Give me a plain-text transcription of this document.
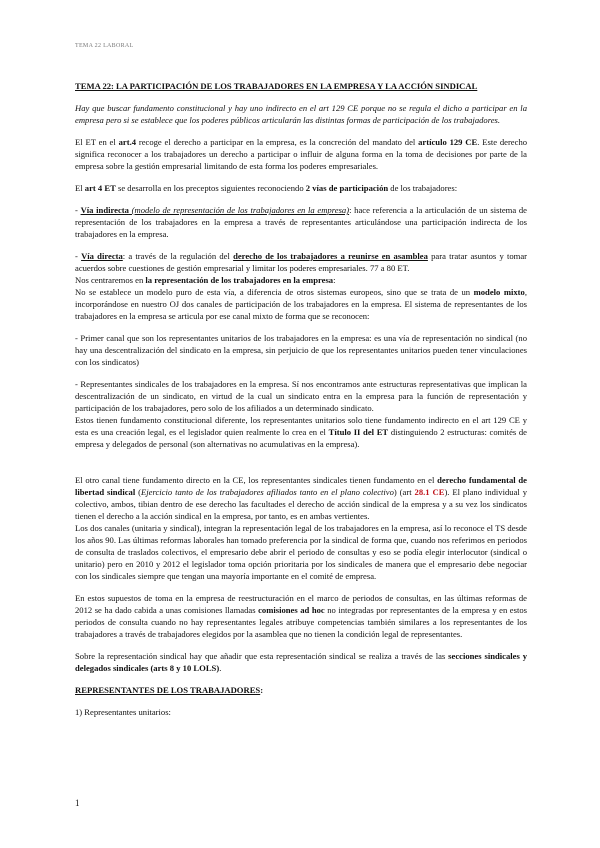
TEMA 22 LABORAL

TEMA 22: LA PARTICIPACIÓN DE LOS TRABAJADORES EN LA EMPRESA Y LA ACCIÓN SINDICAL

Hay que buscar fundamento constitucional y hay uno indirecto en el art 129 CE porque no se regula el dicho a participar en la empresa pero si se establece que los poderes públicos articularán las distintas formas de participación de los trabajadores.

El ET en el art.4 recoge el derecho a participar en la empresa, es la concreción del mandato del artículo 129 CE. Este derecho significa reconocer a los trabajadores un derecho a participar o influir de alguna forma en la toma de decisiones por parte de la empresa sobre la gestión empresarial limitando de esta forma los poderes empresariales.

El art 4 ET se desarrolla en los preceptos siguientes reconociendo 2 vías de participación de los trabajadores:

- Vía indirecta (modelo de representación de los trabajadores en la empresa): hace referencia a la articulación de un sistema de representación de los trabajadores en la empresa a través de representantes articulándose una participación indirecta de los trabajadores en la empresa.

- Vía directa: a través de la regulación del derecho de los trabajadores a reunirse en asamblea para tratar asuntos y tomar acuerdos sobre cuestiones de gestión empresarial y limitar los poderes empresariales. 77 a 80 ET.

Nos centraremos en la representación de los trabajadores en la empresa:

No se establece un modelo puro de esta vía, a diferencia de otros sistemas europeos, sino que se trata de un modelo mixto, incorporándose en nuestro OJ dos canales de participación de los trabajadores en la empresa. El sistema de representantes de los trabajadores en la empresa se articula por ese canal mixto de forma que se reconocen:

- Primer canal que son los representantes unitarios de los trabajadores en la empresa: es una vía de representación no sindical (no hay una descentralización del sindicato en la empresa, sin perjuicio de que los representantes unitarios pueden tener vinculaciones con los sindicatos)

- Representantes sindicales de los trabajadores en la empresa. Sí nos encontramos ante estructuras representativas que implican la descentralización de un sindicato, en virtud de la cual un sindicato entra en la empresa para la función de representación y participación de los trabajadores, pero solo de los afiliados a un determinado sindicato.

Estos tienen fundamento constitucional diferente, los representantes unitarios solo tiene fundamento indirecto en el art 129 CE y esta es una creación legal, es el legislador quien realmente lo crea en el Título II del ET distinguiendo 2 estructuras: comités de empresa y delegados de personal (son alternativas no acumulativas en la empresa).

El otro canal tiene fundamento directo en la CE, los representantes sindicales tienen fundamento en el derecho fundamental de libertad sindical (Ejercicio tanto de los trabajadores afiliados tanto en el plano colectivo) (art 28.1 CE). El plano individual y colectivo, ambos, tibian dentro de ese derecho las facultades el derecho de acción sindical de la empresa y a su vez los sindicatos tienen el derecho a la acción sindical en la empresa, por tanto, es en ambas vertientes.

Los dos canales (unitaria y sindical), integran la representación legal de los trabajadores en la empresa, así lo reconoce el TS desde los años 90. Las últimas reformas laborales han tomado preferencia por la sindical de forma que, cuando nos referimos en periodos de consulta de traslados colectivos, el empresario debe abrir el periodo de consultas y eso se podía elegir interlocutor (sindical o unitario) pero en 2010 y 2012 el legislador toma opción prioritaria por los sindicales de manera que el empresario debe negociar con los sindicales siempre que tengan una mayoría importante en el comité de empresa.

En estos supuestos de toma en la empresa de reestructuración en el marco de periodos de consultas, en las últimas reformas de 2012 se ha dado cabida a unas comisiones llamadas comisiones ad hoc no integradas por representantes de la empresa y en estos periodos de consulta cuando no hay representantes legales atribuye competencias también similares a los representantes de los trabajadores a través de trabajadores elegidos por la asamblea que no tienen la condición legal de representantes.

Sobre la representación sindical hay que añadir que esta representación sindical se realiza a través de las secciones sindicales y delegados sindicales (arts 8 y 10 LOLS).

REPRESENTANTES DE LOS TRABAJADORES:

1) Representantes unitarios:

1
